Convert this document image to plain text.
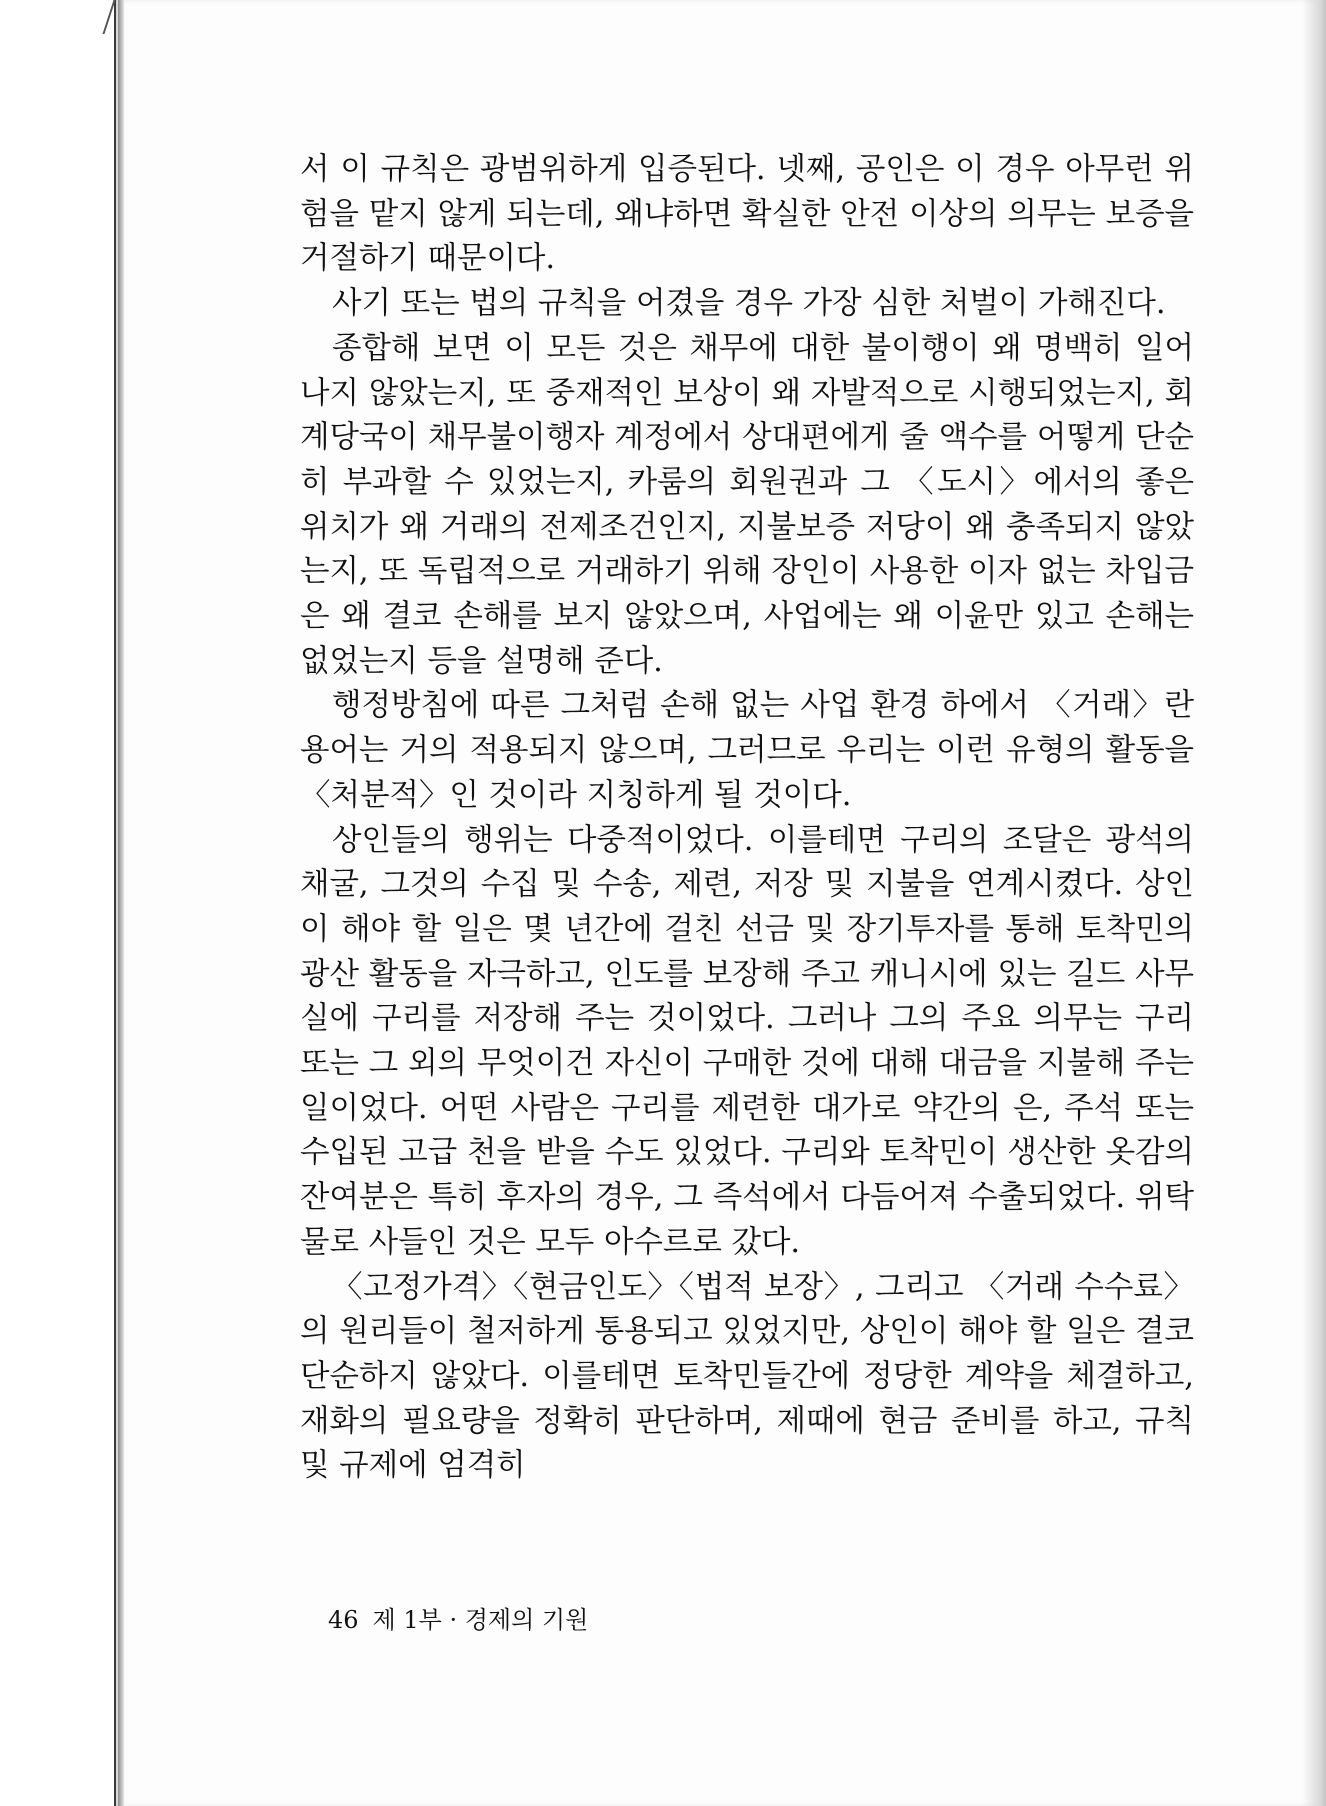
서 이 규칙은 광범위하게 입증된다. 넷째, 공인은 이 경우 아무런 위험을 맡지 않게 되는데, 왜냐하면 확실한 안전 이상의 의무는 보증을 거절하기 때문이다.

사기 또는 법의 규칙을 어겼을 경우 가장 심한 처벌이 가해진다.

종합해 보면 이 모든 것은 채무에 대한 불이행이 왜 명백히 일어나지 않았는지, 또 중재적인 보상이 왜 자발적으로 시행되었는지, 회계당국이 채무불이행자 계정에서 상대편에게 줄 액수를 어떻게 단순히 부과할 수 있었는지, 카룸의 회원권과 그 〈도시〉에서의 좋은 위치가 왜 거래의 전제조건인지, 지불보증 저당이 왜 충족되지 않았는지, 또 독립적으로 거래하기 위해 장인이 사용한 이자 없는 차입금은 왜 결코 손해를 보지 않았으며, 사업에는 왜 이윤만 있고 손해는 없었는지 등을 설명해 준다.

행정방침에 따른 그처럼 손해 없는 사업 환경 하에서 〈거래〉란 용어는 거의 적용되지 않으며, 그러므로 우리는 이런 유형의 활동을 〈처분적〉인 것이라 지칭하게 될 것이다.

상인들의 행위는 다중적이었다. 이를테면 구리의 조달은 광석의 채굴, 그것의 수집 및 수송, 제련, 저장 및 지불을 연계시켰다. 상인이 해야 할 일은 몇 년간에 걸친 선금 및 장기투자를 통해 토착민의 광산 활동을 자극하고, 인도를 보장해 주고 캐니시에 있는 길드 사무실에 구리를 저장해 주는 것이었다. 그러나 그의 주요 의무는 구리 또는 그 외의 무엇이건 자신이 구매한 것에 대해 대금을 지불해 주는 일이었다. 어떤 사람은 구리를 제련한 대가로 약간의 은, 주석 또는 수입된 고급 천을 받을 수도 있었다. 구리와 토착민이 생산한 옷감의 잔여분은 특히 후자의 경우, 그 즉석에서 다듬어져 수출되었다. 위탁물로 사들인 것은 모두 아수르로 갔다.

〈고정가격〉〈현금인도〉〈법적 보장〉, 그리고 〈거래 수수료〉의 원리들이 철저하게 통용되고 있었지만, 상인이 해야 할 일은 결코 단순하지 않았다. 이를테면 토착민들간에 정당한 계약을 체결하고, 재화의 필요량을 정확히 판단하며, 제때에 현금 준비를 하고, 규칙 및 규제에 엄격히

46 제 1부 · 경제의 기원
